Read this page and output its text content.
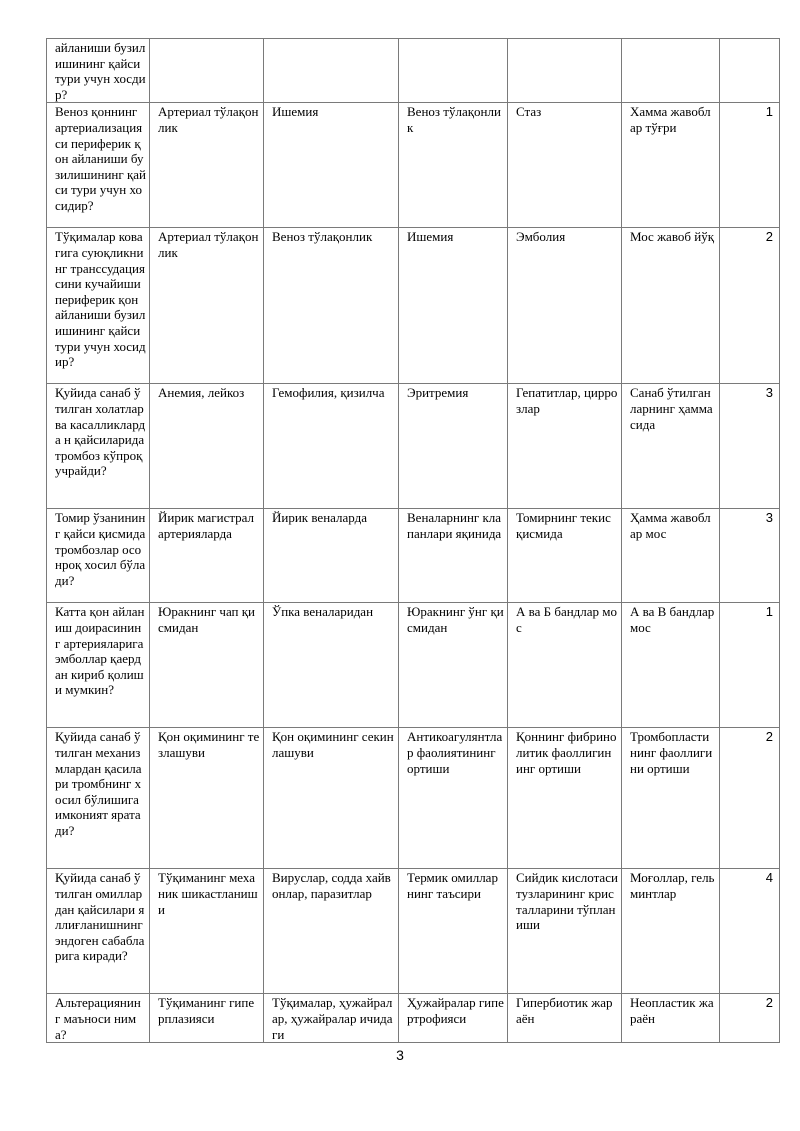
айланиши бузилишининг қайси тури учун хосдир?						
Веноз қоннинг артериализацияси периферик қон айланиши бузилишининг қайси тури учун хосидир?	Артериал тўлақонлик	Ишемия	Веноз тўлақонлик	Стаз	Хамма жавоблар тўғри	1
Тўқималар ковагига суюқликнинг транссудациясини кучайиши периферик қон айланиши бузилишининг қайси тури учун хосидир?	Артериал тўлақонлик	Веноз тўлақонлик	Ишемия	Эмболия	Мос жавоб йўқ	2
Қуйида санаб ўтилган холатлар ва касалликларда н қайсиларида тромбоз кўпроқ учрайди?	Анемия, лейкоз	Гемофилия, қизилча	Эритремия	Гепатитлар, циррозлар	Санаб ўтилганларнинг ҳаммасида	3
Томир ўзанининг қайси қисмида тромбозлар осонроқ хосил бўлади?	Йирик магистрал артерияларда	Йирик веналарда	Веналарнинг клапанлари яқинида	Томирнинг текис қисмида	Ҳамма жавоблар мос	3
Катта қон айланиш доирасининг артерияларига эмболлар қаердан кириб қолиши мумкин?	Юракнинг чап қисмидан	Ўпка веналаридан	Юракнинг ўнг қисмидан	А ва Б бандлар мос	А ва В бандлар мос	1
Қуйида санаб ўтилган механизмлардан қасилари тромбнинг хосил бўлишига имконият яратади?	Қон оқимининг тезлашуви	Қон оқимининг секинлашуви	Антикоагулянтлар фаолиятининг ортиши	Қоннинг фибринолитик фаоллигининг ортиши	Тромбопластининг фаоллигини ортиши	2
Қуйида санаб ўтилган омиллардан қайсилари яллиғланишнинг эндоген сабабларига киради?	Тўқиманинг механик шикастланиши	Вируслар, содда хайвонлар, паразитлар	Термик омилларнинг таъсири	Сийдик кислотаси тузларининг кристалларини тўпланиши	Моғоллар, гельминтлар	4
Альтерациянинг маъноси нима?	Тўқиманинг гиперплазияси	Тўқималар, ҳужайралар, ҳужайралар ичидаги	Ҳужайралар гипертрофияси	Гипербиотик жараён	Неопластик жараён	2
3
